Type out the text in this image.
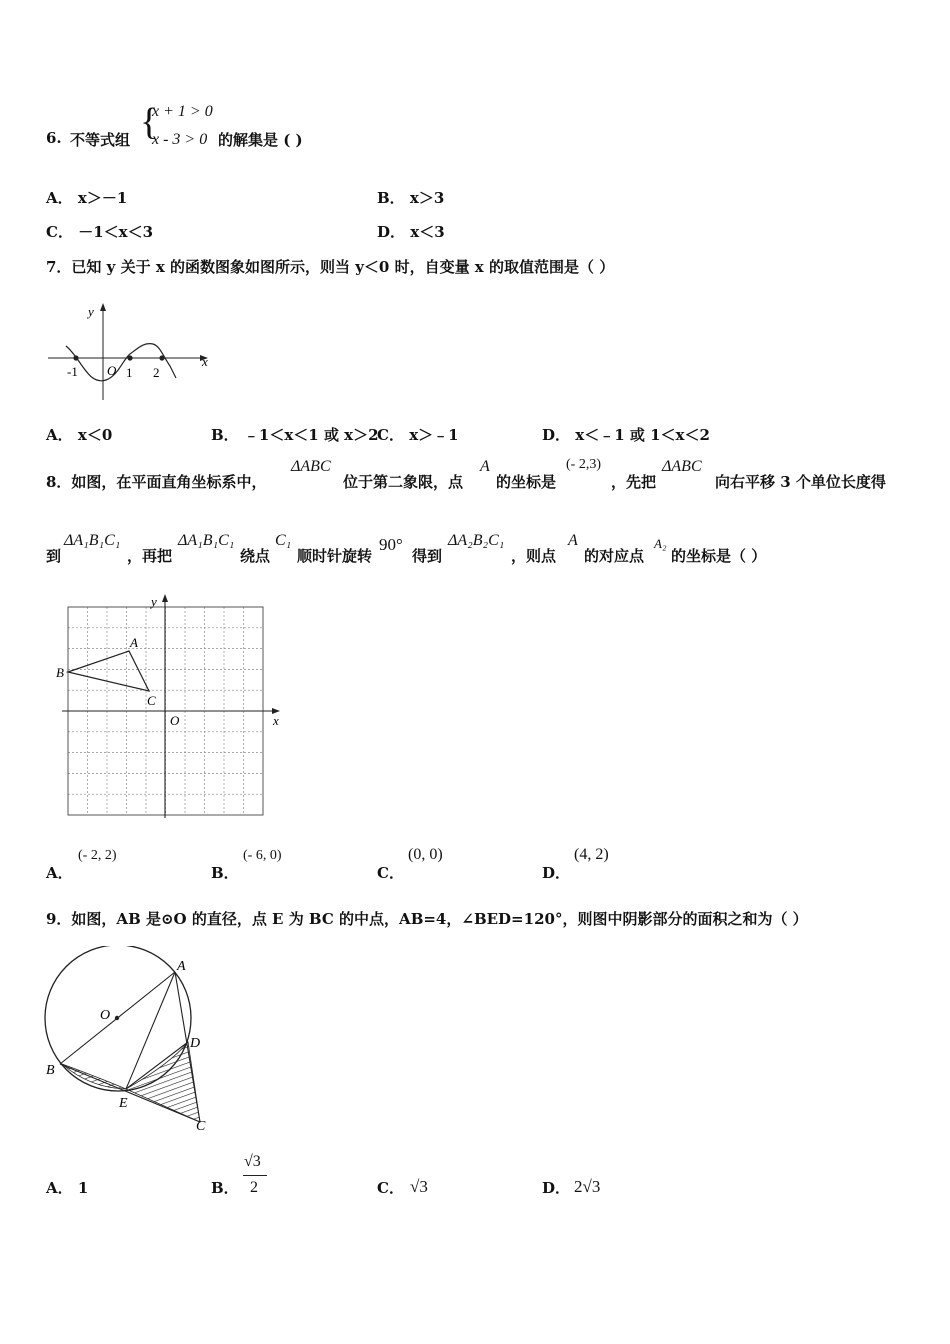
6. 不等式组 {
x + 1 > 0
x - 3 > 0 的解集是 ( )
A． x＞－1	B． x＞3
C． －1＜x＜3	D． x＜3
7．已知 y 关于 x 的函数图象如图所示，则当 y＜0 时，自变量 x 的取值范围是（ ）
y
x
-1 O 1 2
A． x＜0	B． ﹣1＜x＜1 或 x＞2
C． x＞﹣1	D． x＜﹣1 或 1＜x＜2
8．如图，在平面直角坐标系中，
ΔABC
位于第二象限，点
A
的坐标是
(- 2,3)
，先把
ΔABC
向右平移 3 个单位长度得
到
ΔA₁B₁C₁
，再把
ΔA₁B₁C₁
绕点
C₁
顺时针旋转
90°
得到
ΔA₂B₂C₁
，则点
A
的对应点
A₂
的坐标是（ ）
y
x
A
B
C
O
A．
(- 2, 2)
B．
(- 6, 0)
C．
(0, 0)
D．
(4, 2)
9．如图，AB 是⊙O 的直径，点 E 为 BC 的中点，AB=4，∠BED=120°，则图中阴影部分的面积之和为（ ）
A
O
B
D
E
C
A． 1	B．
√3
2	C． √3	D． 2√3
